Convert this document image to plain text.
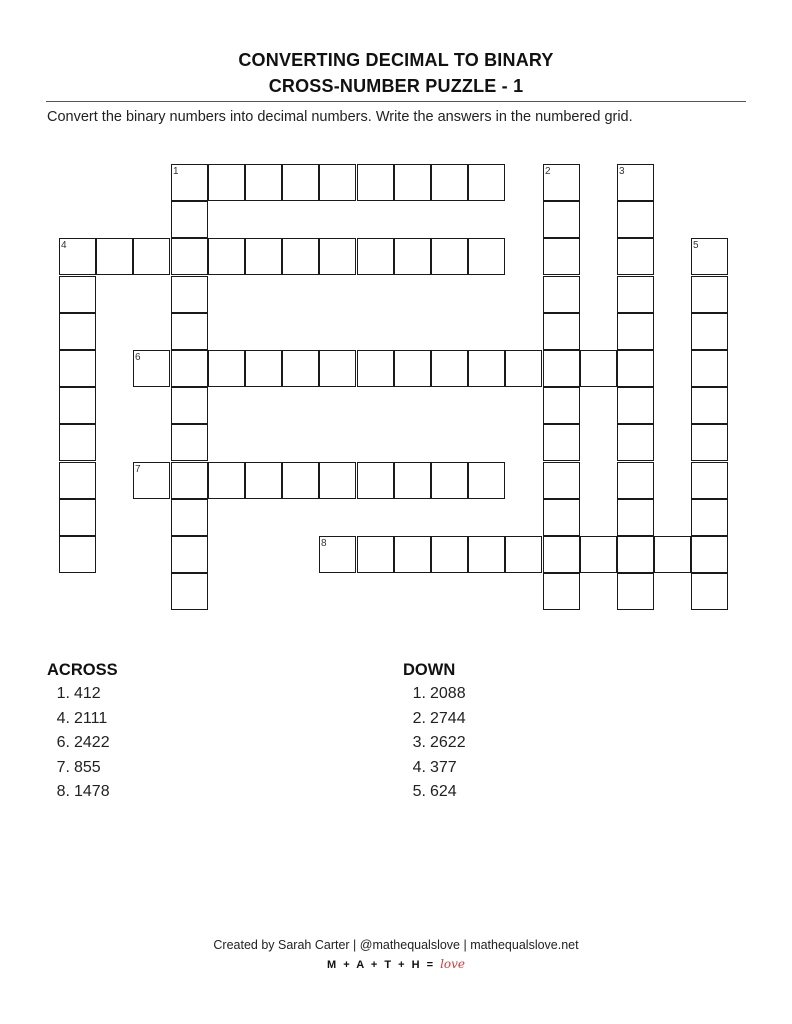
CONVERTING DECIMAL TO BINARY
CROSS-NUMBER PUZZLE - 1
Convert the binary numbers into decimal numbers. Write the answers in the numbered grid.
1
4
6
7
8
2	3
5
ACROSS
1. 412
4. 2111
6. 2422
7. 855
8. 1478
DOWN
1. 2088
2. 2744
3. 2622
4. 377
5. 624
Created by Sarah Carter | @mathequalslove | mathequalslove.net
M + A + T + H = love
